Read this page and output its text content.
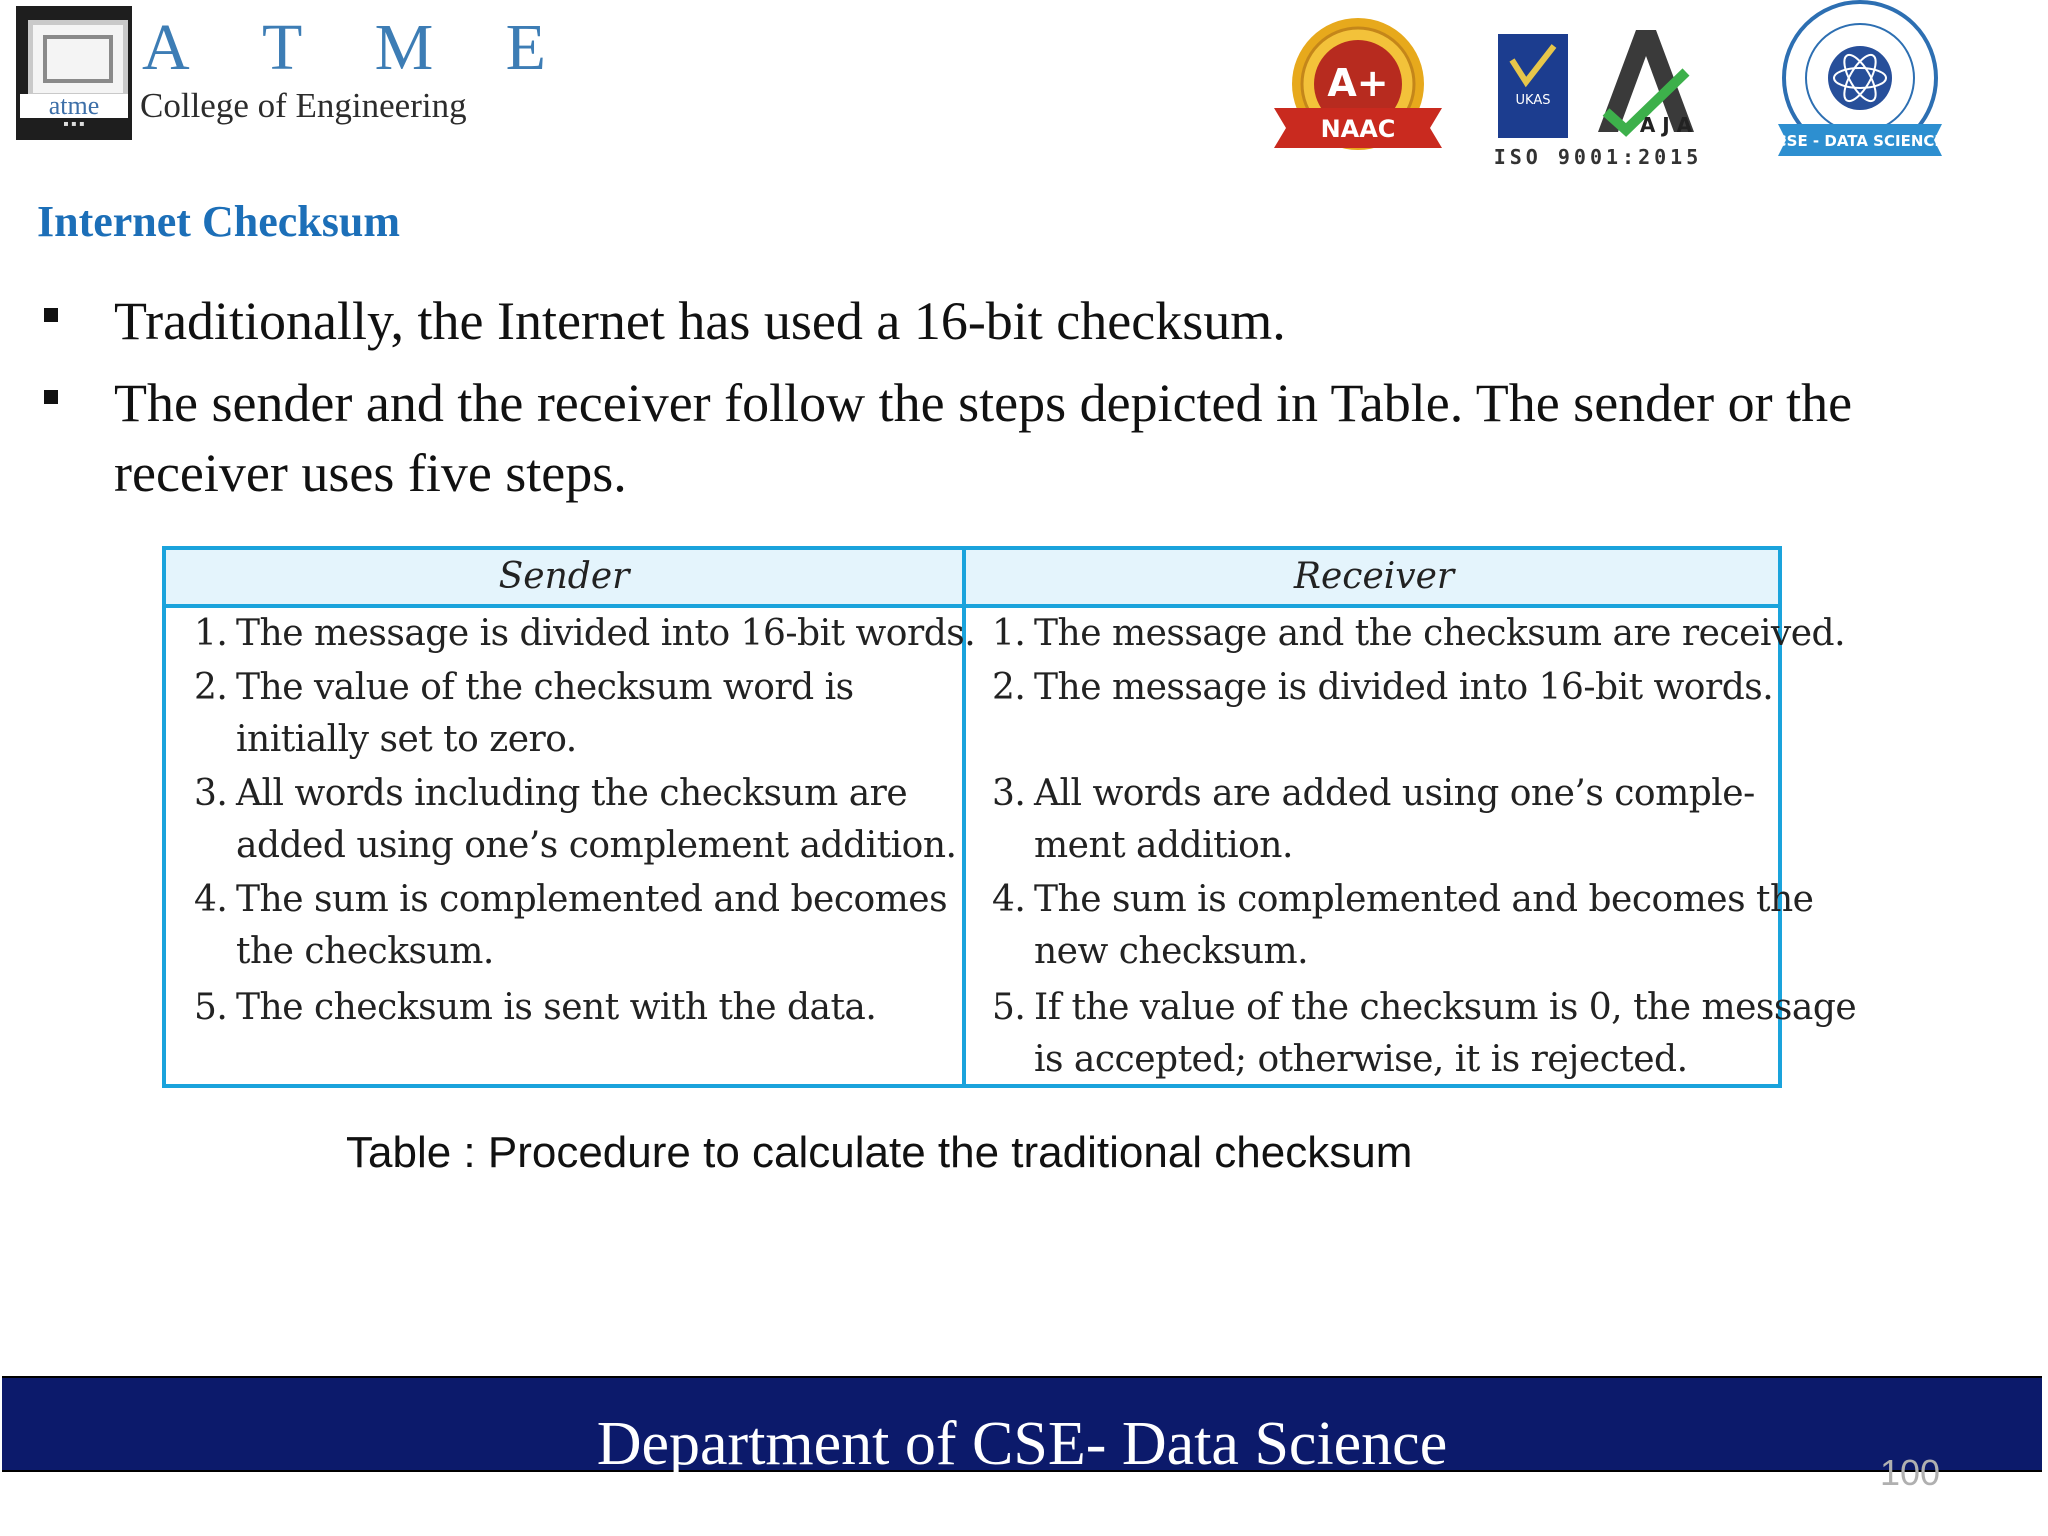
atme
▪ ▪ ▪
A T M E
College of Engineering
A+
NAAC
UKAS
A J A
ISO 9001:2015
CSE - DATA SCIENCE
Internet Checksum
Traditionally, the Internet has used a 16-bit checksum.
The sender and the receiver follow the steps depicted in Table. The sender or the receiver uses five steps.
Sender	Receiver
1. The message is divided into 16-bit words.
2. The value of the checksum word is
initially set to zero.
3. All words including the checksum are
added using one’s complement addition.
4. The sum is complemented and becomes
the checksum.
5. The checksum is sent with the data.
1. The message and the checksum are received.
2. The message is divided into 16-bit words.
3. All words are added using one’s comple-
ment addition.
4. The sum is complemented and becomes the
new checksum.
5. If the value of the checksum is 0, the message
is accepted; otherwise, it is rejected.
Table : Procedure to calculate the traditional checksum
Department of CSE- Data Science	100
